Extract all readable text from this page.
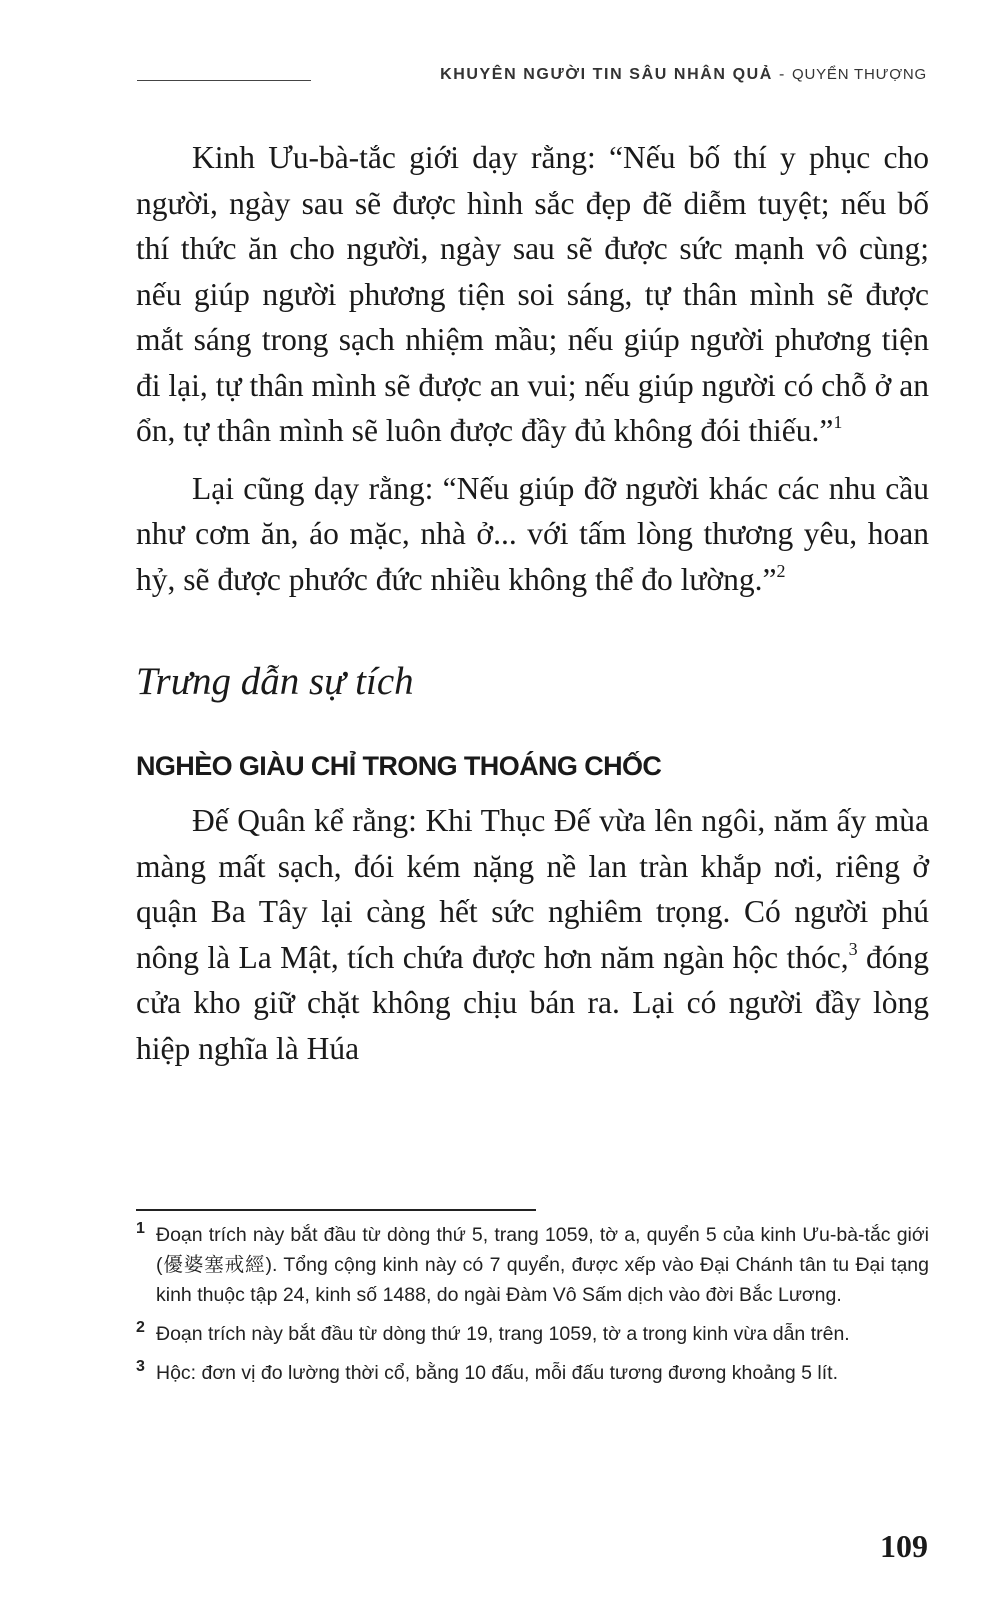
KHUYÊN NGƯỜI TIN SÂU NHÂN QUẢ - QUYỂN THƯỢNG

Kinh Ưu-bà-tắc giới dạy rằng: “Nếu bố thí y phục cho người, ngày sau sẽ được hình sắc đẹp đẽ diễm tuyệt; nếu bố thí thức ăn cho người, ngày sau sẽ được sức mạnh vô cùng; nếu giúp người phương tiện soi sáng, tự thân mình sẽ được mắt sáng trong sạch nhiệm mầu; nếu giúp người phương tiện đi lại, tự thân mình sẽ được an vui; nếu giúp người có chỗ ở an ổn, tự thân mình sẽ luôn được đầy đủ không đói thiếu.”$^1$

Lại cũng dạy rằng: “Nếu giúp đỡ người khác các nhu cầu như cơm ăn, áo mặc, nhà ở... với tấm lòng thương yêu, hoan hỷ, sẽ được phước đức nhiều không thể đo lường.”$^2$

Trưng dẫn sự tích
NGHÈO GIÀU CHỈ TRONG THOÁNG CHỐC

Đế Quân kể rằng: Khi Thục Đế vừa lên ngôi, năm ấy mùa màng mất sạch, đói kém nặng nề lan tràn khắp nơi, riêng ở quận Ba Tây lại càng hết sức nghiêm trọng. Có người phú nông là La Mật, tích chứa được hơn năm ngàn hộc thóc,$^3$ đóng cửa kho giữ chặt không chịu bán ra. Lại có người đầy lòng hiệp nghĩa là Húa

1 Đoạn trích này bắt đầu từ dòng thứ 5, trang 1059, tờ a, quyển 5 của kinh Ưu-bà-tắc giới (優婆塞戒經). Tổng cộng kinh này có 7 quyển, được xếp vào Đại Chánh tân tu Đại tạng kinh thuộc tập 24, kinh số 1488, do ngài Đàm Vô Sấm dịch vào đời Bắc Lương.
2 Đoạn trích này bắt đầu từ dòng thứ 19, trang 1059, tờ a trong kinh vừa dẫn trên.
3 Hộc: đơn vị đo lường thời cổ, bằng 10 đấu, mỗi đấu tương đương khoảng 5 lít.
109
